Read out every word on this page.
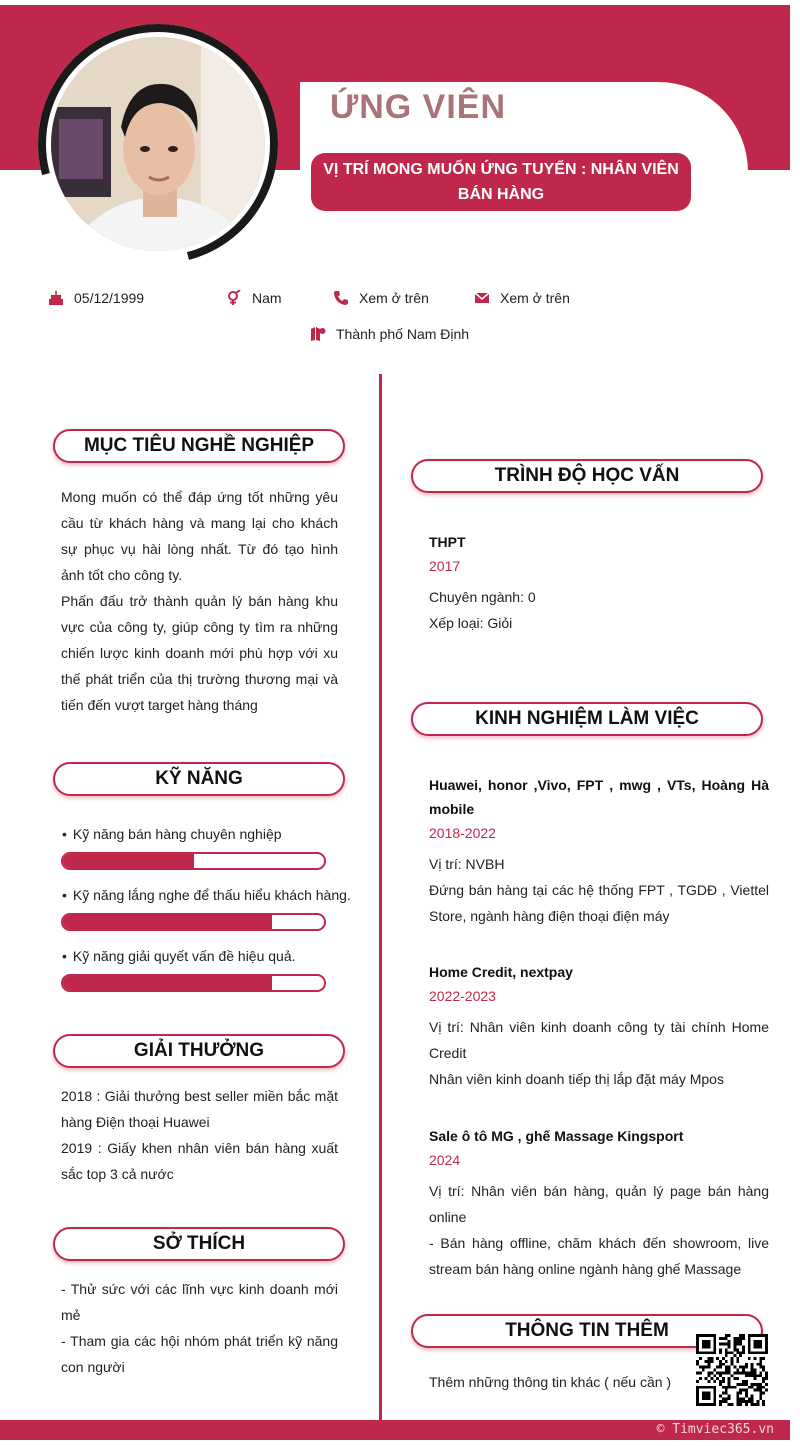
ỨNG VIÊN
VỊ TRÍ MONG MUỐN ỨNG TUYỂN : NHÂN VIÊN BÁN HÀNG
05/12/1999	Nam	Xem ở trên	Xem ở trên
Thành phố Nam Định
MỤC TIÊU NGHỀ NGHIỆP

Mong muốn có thể đáp ứng tốt những yêu cầu từ khách hàng và mang lại cho khách sự phục vụ hài lòng nhất. Từ đó tạo hình ảnh tốt cho công ty.

Phấn đấu trở thành quản lý bán hàng khu vực của công ty, giúp công ty tìm ra những chiến lược kinh doanh mới phù hợp với xu thế phát triển của thị trường thương mại và tiến đến vượt target hàng tháng

KỸ NĂNG
• Kỹ năng bán hàng chuyên nghiệp
• Kỹ năng lắng nghe để thấu hiểu khách hàng.
• Kỹ năng giải quyết vấn đề hiệu quả.
GIẢI THƯỞNG

2018 : Giải thưởng best seller miền bắc mặt hàng Điện thoại Huawei

2019 : Giấy khen nhân viên bán hàng xuất sắc top 3 cả nước

SỞ THÍCH

- Thử sức với các lĩnh vực kinh doanh mới mẻ

- Tham gia các hội nhóm phát triển kỹ năng con người

TRÌNH ĐỘ HỌC VẤN
THPT
2017
Chuyên ngành: 0
Xếp loại: Giỏi
KINH NGHIỆM LÀM VIỆC
Huawei, honor ,Vivo, FPT , mwg , VTs, Hoàng Hà mobile
2018-2022
Vị trí: NVBH
Đứng bán hàng tại các hệ thống FPT , TGDĐ , Viettel Store, ngành hàng điện thoại điện máy
Home Credit, nextpay
2022-2023
Vị trí: Nhân viên kinh doanh công ty tài chính Home Credit
Nhân viên kinh doanh tiếp thị lắp đặt máy Mpos
Sale ô tô MG , ghế Massage Kingsport
2024
Vị trí: Nhân viên bán hàng, quản lý page bán hàng online
- Bán hàng offline, chăm khách đến showroom, live stream bán hàng online ngành hàng ghế Massage
THÔNG TIN THÊM
Thêm những thông tin khác ( nếu cần )
© Timviec365.vn
